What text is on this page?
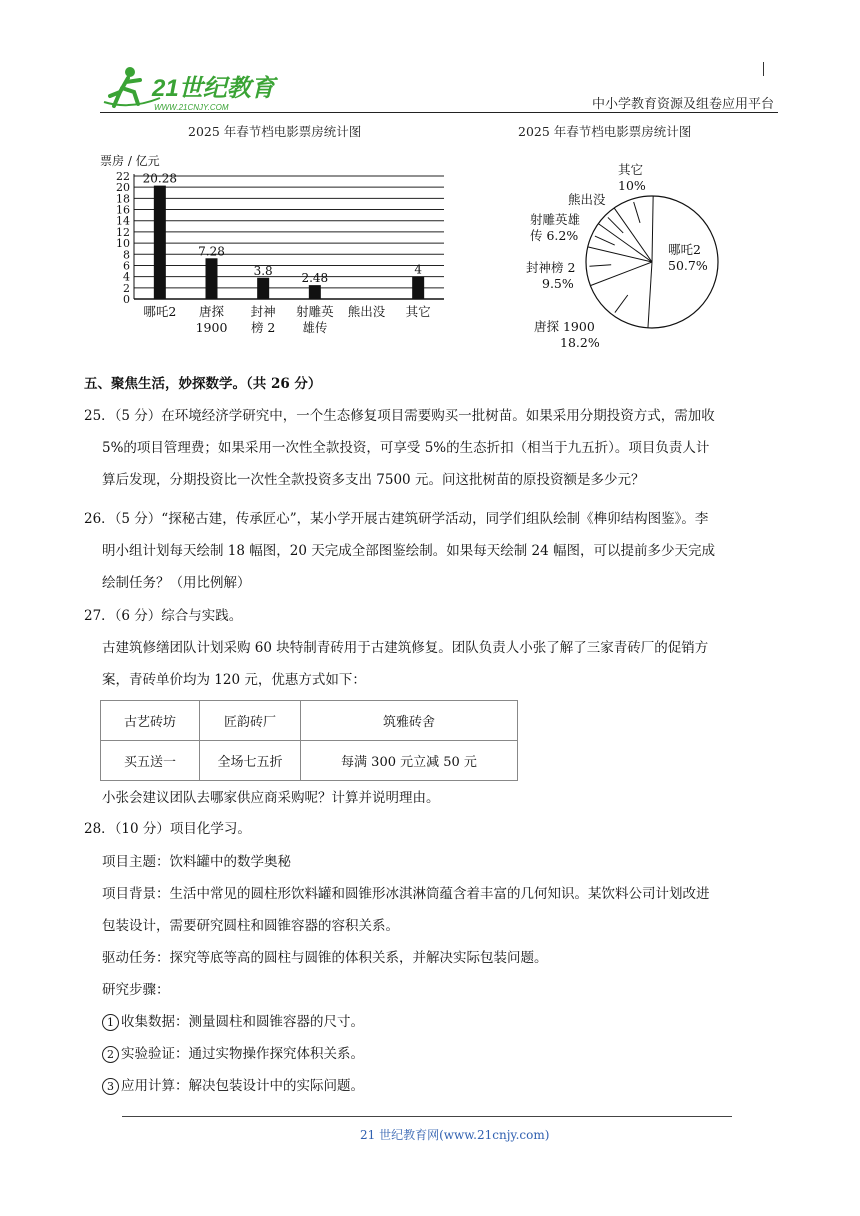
21世纪教育
WWW.21CNJY.COM	中小学教育资源及组卷应用平台
2025 年春节档电影票房统计图
票房 / 亿元
0
2
4
6
8
10
12
14
16
18
20
22 20.28
哪吒2
7.28
唐探
1900
3.8
封神
榜 2
2.48
射雕英
雄传
熊出没
4
其它
2025 年春节档电影票房统计图
哪吒2
50.7%
唐探 1900
18.2%
封神榜 2
9.5%
射雕英雄
传 6.2%
熊出没
其它
10%
五、聚焦生活，妙探数学。（共 26 分）
25．（5 分）在环境经济学研究中，一个生态修复项目需要购买一批树苗。如果采用分期投资方式，需加收
5%的项目管理费；如果采用一次性全款投资，可享受 5%的生态折扣（相当于九五折）。项目负责人计
算后发现，分期投资比一次性全款投资多支出 7500 元。问这批树苗的原投资额是多少元？
26．（5 分）“探秘古建，传承匠心”，某小学开展古建筑研学活动，同学们组队绘制《榫卯结构图鉴》。李
明小组计划每天绘制 18 幅图，20 天完成全部图鉴绘制。如果每天绘制 24 幅图，可以提前多少天完成
绘制任务？（用比例解）
27．（6 分）综合与实践。
古建筑修缮团队计划采购 60 块特制青砖用于古建筑修复。团队负责人小张了解了三家青砖厂的促销方
案，青砖单价均为 120 元，优惠方式如下：
古艺砖坊	匠韵砖厂	筑雅砖舍
买五送一	全场七五折	每满 300 元立减 50 元
小张会建议团队去哪家供应商采购呢？计算并说明理由。
28．（10 分）项目化学习。
项目主题：饮料罐中的数学奥秘
项目背景：生活中常见的圆柱形饮料罐和圆锥形冰淇淋筒蕴含着丰富的几何知识。某饮料公司计划改进
包装设计，需要研究圆柱和圆锥容器的容积关系。
驱动任务：探究等底等高的圆柱与圆锥的体积关系，并解决实际包装问题。
研究步骤：
1 收集数据：测量圆柱和圆锥容器的尺寸。
2 实验验证：通过实物操作探究体积关系。
3 应用计算：解决包装设计中的实际问题。
21 世纪教育网(www.21cnjy.com)
